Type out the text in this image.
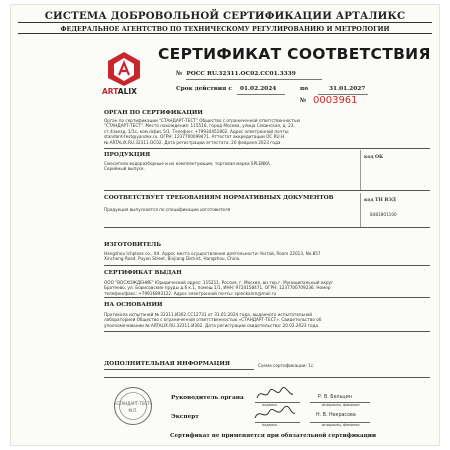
СИСТЕМА ДОБРОВОЛЬНОЙ СЕРТИФИКАЦИИ АРТАЛИКС
ФЕДЕРАЛЬНОЕ АГЕНТСТВО ПО ТЕХНИЧЕСКОМУ РЕГУЛИРОВАНИЮ И МЕТРОЛОГИИ
ARTALIX
СЕРТИФИКАТ СООТВЕТСТВИЯ
№ РОСС RU.32311.ОС02.СС01.3339
Срок действия с 01.02.2024	по	31.01.2027
№ 0003961
ОРГАН ПО СЕРТИФИКАЦИИ
Орган по сертификации "СТАНДАРТ-ТЕСТ" Общество с ограниченной ответственностью
"СТАНДАРТ-ТЕСТ". Место нахождения: 115516, город Москва, улица Севанская, д. 23,
ст.4заезд, 1/1с, ком./офис 5/1. Телефон: +79934451802. Адрес электронной почты:
standard-test@yandex.ru. ОГРН: 1237700099471. Аттестат аккредитации ОС RU.Н.
№ ARTALIX.RU.32311.ОС02. Дата регистрации аттестата: 20 февраля 2023 года
ПРОДУКЦИЯ	код ОК
Смесители водоразборные и их комплектующие, торговая марка SPLENKA.
Серийный выпуск.
СООТВЕТСТВУЕТ ТРЕБОВАНИЯМ НОРМАТИВНЫХ ДОКУМЕНТОВ	код ТН ВЭД
8481801100
Продукция выпускается по спецификации изготовителя
ИЗГОТОВИТЕЛЬ
Hangzhou Ichpleas co., ltd. Адрес места осуществления деятельности: Китай, Room 22013, No.857
Xincheng Road, Puyan Street, Binjiang District, Hangzhou, China.
СЕРТИФИКАТ ВЫДАН
ООО "ВОСХОЖДЕНИЕ" Юридический адрес: 115211, Россия, г. Москва ,вн.тер.г. Муниципальный округ
Братеево, ул. Борисовские пруды д.6 к.1, помещ 1/1, ИНН: 9724158471, ОГРН: 1237700709236. Номер
телефон/факс: +79916893122. Адрес электронной почты: splenkanm@mail.ru
НА ОСНОВАНИИ
Протокола испытаний № 32311.И302.СС12731 от 31.01.2024 года, выданного испытательной
лабораторией Общество с ограниченной ответственностью «СТАНДАРТ-ТЕСТ». Свидетельство об
уполномочивании № ARTALIX.RU.32311.И302. Дата регистрации свидетельства: 20.02.2023 года.
ДОПОЛНИТЕЛЬНАЯ ИНФОРМАЦИЯ	Схема сертификации: 1с.
«СТАНДАРТ-ТЕСТ»
М.П.
Руководитель органа
подпись
Р. В. Бельцин
инициалы, фамилия
Эксперт
подпись
Н. В. Некрасова
инициалы, фамилия
Сертификат не применяется при обязательной сертификации
